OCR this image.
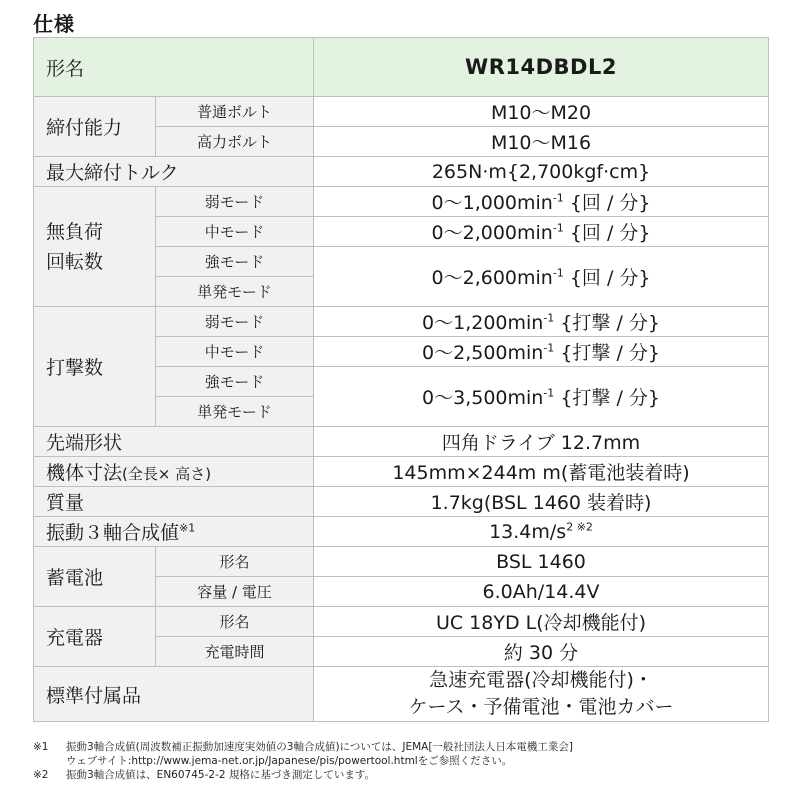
仕様
形名		WR14DBDL2
締付能力	普通ボルト	M10〜M20
	高力ボルト	M10〜M16
最大締付トルク		265N·m{2,700kgf·cm}

無負荷
回転数	弱モード	0〜$1,000\min^{-1}$ {回 / 分}
	中モード	0〜$2,000\min^{-1}$ {回 / 分}
	強モード	0〜$2,600\min^{-1}$ {回 / 分}
	単発モード	
打撃数	弱モード	0〜$1,200\min^{-1}$ {打撃 / 分}
	中モード	0〜$2,500\min^{-1}$ {打撃 / 分}
	強モード	0〜$3,500\min^{-1}$ {打撃 / 分}
	単発モード	
先端形状		四角ドライブ 12.7mm
機体寸法(全長× 高さ)		145mm×244m m(蓄電池装着時)
質量		1.7kg(BSL 1460 装着時)
振動３軸合成値$^{※1}$		$13.4m/s^{2 ※2}$
蓄電池	形名	BSL 1460
	容量 / 電圧	6.0Ah/14.4V
充電器	形名	UC 18YD L(冷却機能付)
	充電時間	約 30 分
標準付属品		急速充電器(冷却機能付)・
ケース・予備電池・電池カバー
※1	振動3軸合成値(周波数補正振動加速度実効値の3軸合成値)については、JEMA[一般社団法人日本電機工業会]
ウェブサイト:http://www.jema-net.or.jp/Japanese/pis/powertool.htmlをご参照ください。
※2	振動3軸合成値は、EN60745-2-2 規格に基づき測定しています。
